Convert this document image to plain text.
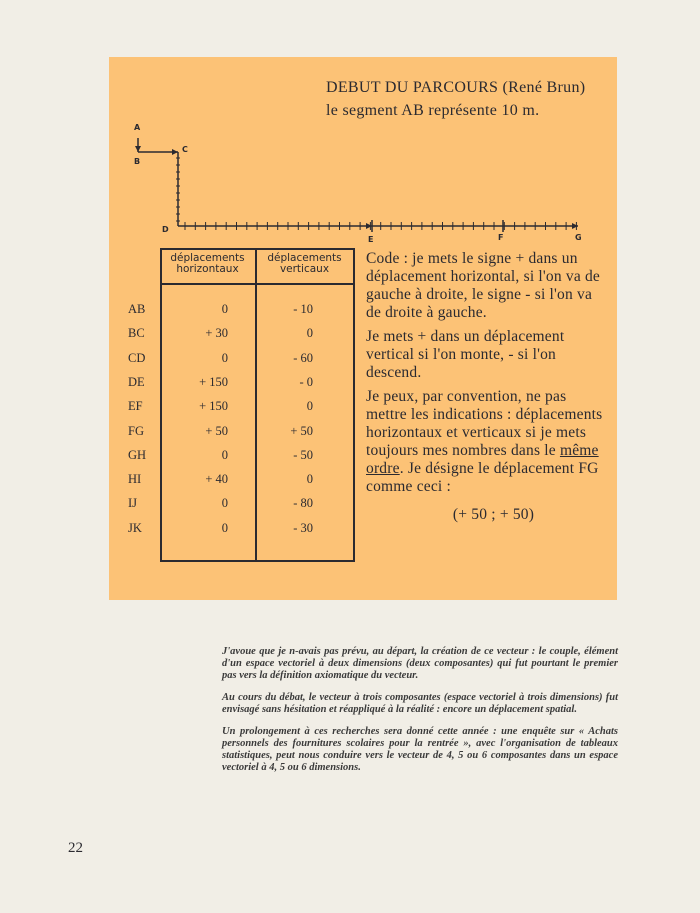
DEBUT DU PARCOURS (René Brun)
le segment AB représente 10 m.
A
B
C
D
E	F	G
déplacements
horizontaux
déplacements
verticaux
AB	0	- 10
BC	+ 30	0
CD	0	- 60
DE	+ 150	- 0
EF	+ 150	0
FG	+ 50	+ 50
GH	0	- 50
HI	+ 40	0
IJ	0	- 80
JK	0	- 30

Code : je mets le signe + dans un déplacement horizontal, si l'on va de gauche à droite, le signe - si l'on va de droite à gauche.

Je mets + dans un déplacement vertical si l'on monte, - si l'on descend.

Je peux, par convention, ne pas mettre les indications : déplacements horizontaux et verticaux si je mets toujours mes nombres dans le même ordre. Je désigne le déplacement FG comme ceci :

(+ 50 ; + 50)

J'avoue que je n-avais pas prévu, au départ, la création de ce vecteur : le couple, élément d'un espace vectoriel à deux dimensions (deux composantes) qui fut pourtant le premier pas vers la définition axiomatique du vecteur.

Au cours du débat, le vecteur à trois composantes (espace vectoriel à trois dimensions) fut envisagé sans hésitation et réappliqué à la réalité : encore un déplacement spatial.

Un prolongement à ces recherches sera donné cette année : une enquête sur « Achats personnels des fournitures scolaires pour la rentrée », avec l'organisation de tableaux statistiques, peut nous conduire vers le vecteur de 4, 5 ou 6 composantes dans un espace vectoriel à 4, 5 ou 6 dimensions.

22
